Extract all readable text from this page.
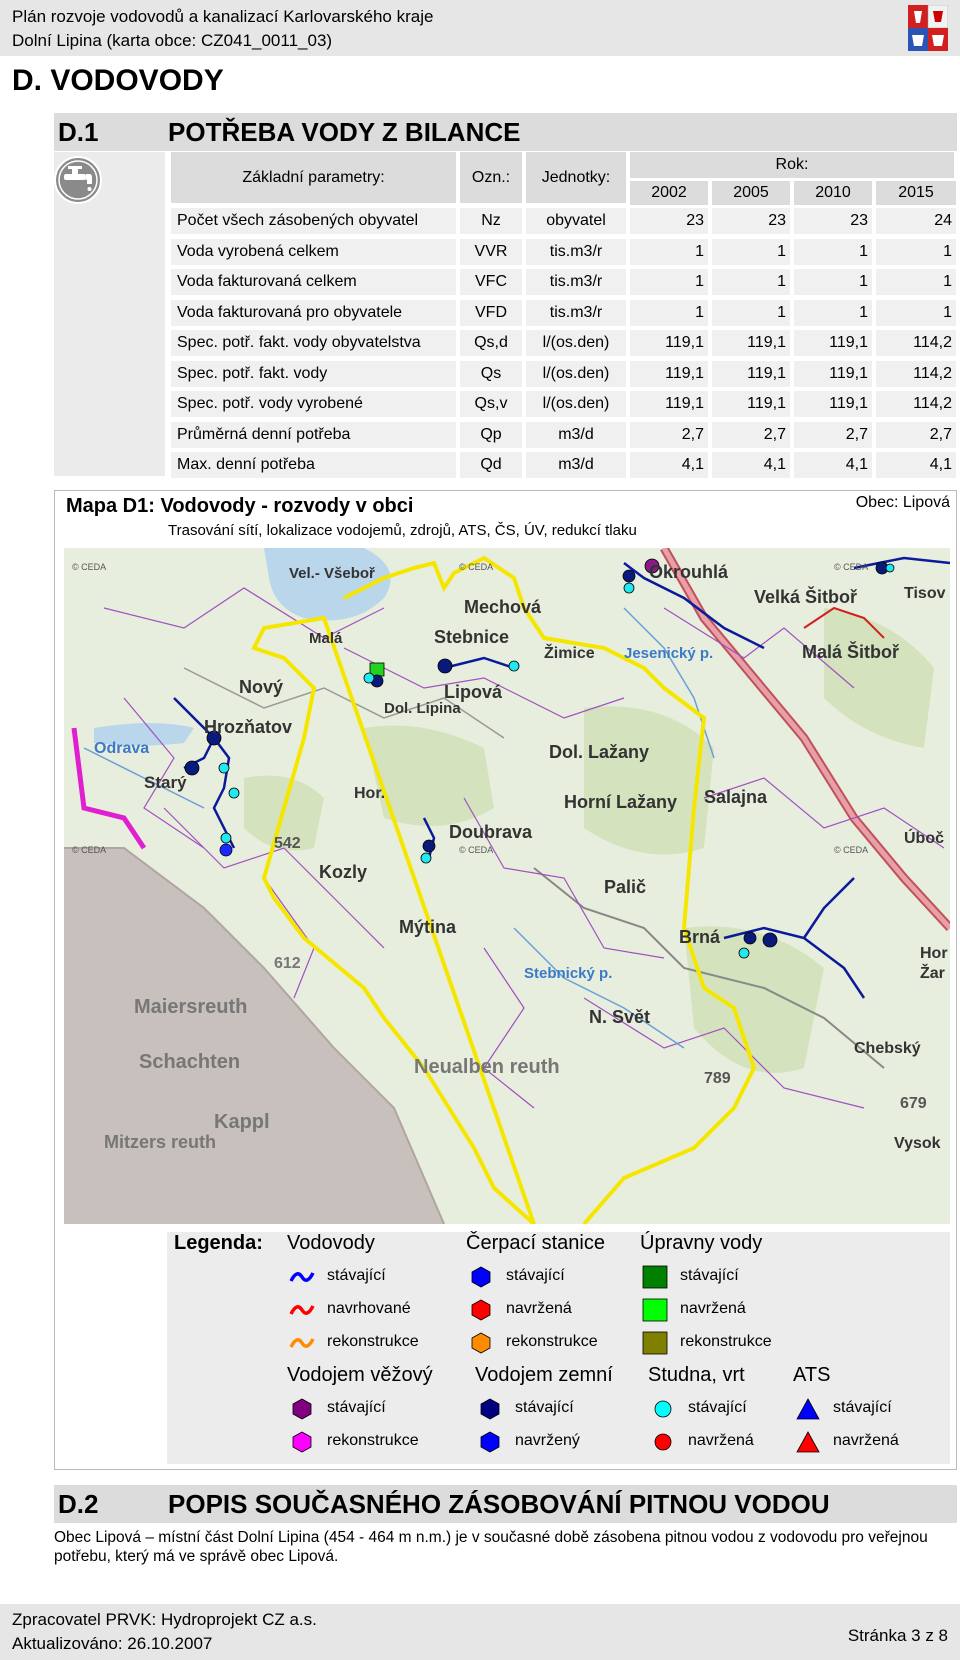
Plán rozvoje vodovodů a kanalizací Karlovarského kraje
Dolní Lipina (karta obce: CZ041_0011_03)
D. VODOVODY
D.1	POTŘEBA VODY Z BILANCE
Základní parametry:	Ozn.:	Jednotky:
Rok:
2002	2005	2010	2015
Počet všech zásobených obyvatel	Nz	obyvatel	23	23	23	24
Voda vyrobená celkem	VVR	tis.m3/r	1	1	1	1
Voda fakturovaná celkem	VFC	tis.m3/r	1	1	1	1
Voda fakturovaná pro obyvatele	VFD	tis.m3/r	1	1	1	1
Spec. potř. fakt. vody obyvatelstva	Qs,d	l/(os.den)	119,1	119,1	119,1	114,2
Spec. potř. fakt. vody	Qs	l/(os.den)	119,1	119,1	119,1	114,2
Spec. potř. vody vyrobené	Qs,v	l/(os.den)	119,1	119,1	119,1	114,2
Průměrná denní potřeba	Qp	m3/d	2,7	2,7	2,7	2,7
Max. denní potřeba	Qd	m3/d	4,1	4,1	4,1	4,1
Mapa D1: Vodovody - rozvody v obci
Trasování sítí, lokalizace vodojemů, zdrojů, ATS, ČS, ÚV, redukcí tlaku
Obec: Lipová
Okrouhlá
Velká Šitboř
Malá Šitboř
Mechová
Stebnice
Žimice
Lipová
Dol. Lipina
Nový
Hrozňatov
Starý
Hor.
Dol. Lažany
Horní Lažany
Doubrava
Salajna
Kozly
Mýtina
Palič
Brná
N. Svět
Maiersreuth
Schachten	Neualben reuth
Kappl
Mitzers reuth
Odrava
Malá
Vel.- Všeboř
Jesenický p.
Stebnický p.
Chebský
Vysok
Úboč
Tisov
Hor
Žar
542
612
789
679
© CEDA	© CEDA	© CEDA
© CEDA	© CEDA	© CEDA
Legenda: Vodovody
stávající
navrhované
rekonstrukce
Čerpací stanice
stávající
navržená
rekonstrukce
Úpravny vody
stávající
navržená
rekonstrukce
Vodojem věžový
stávající
rekonstrukce
Vodojem zemní
stávající
navržený
Studna, vrt
stávající
navržená
ATS
stávající
navržená
D.2	POPIS SOUČASNÉHO ZÁSOBOVÁNÍ PITNOU VODOU
Obec Lipová – místní část Dolní Lipina (454 - 464 m n.m.) je v současné době zásobena pitnou vodou z vodovodu pro veřejnou potřebu, který má ve správě obec Lipová.
Zpracovatel PRVK: Hydroprojekt CZ a.s.
Aktualizováno: 26.10.2007	Stránka 3 z 8
